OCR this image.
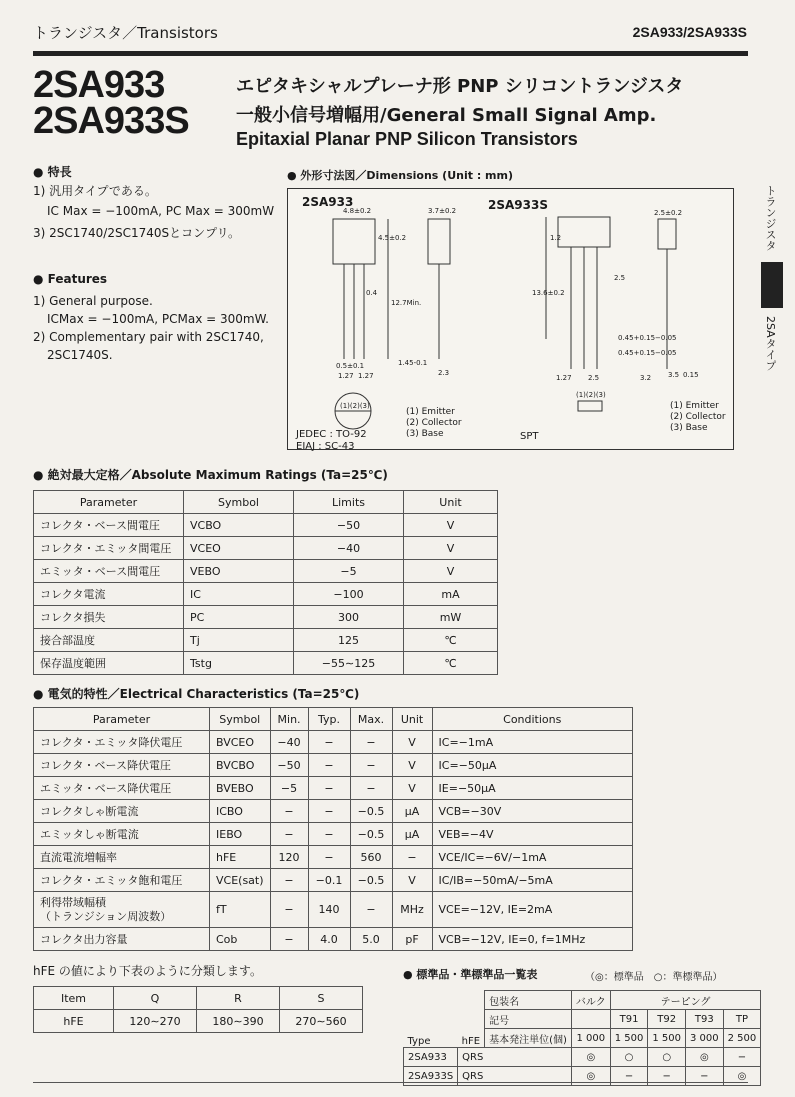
トランジスタ／Transistors	2SA933/2SA933S
2SA933
2SA933S
エピタキシャルプレーナ形 PNP シリコントランジスタ
一般小信号増幅用/General Small Signal Amp.
Epitaxial Planar PNP Silicon Transistors
● 特長
1) 汎用タイプである。
IC Max = −100mA, PC Max = 300mW
3) 2SC1740/2SC1740Sとコンプリ。
● Features
1) General purpose.
ICMax = −100mA, PCMax = 300mW.
2) Complementary pair with 2SC1740,
2SC1740S.
● 外形寸法図／Dimensions (Unit : mm)
2SA933	2SA933S
4.8±0.2	3.7±0.2
12.7Min.
0.5±0.1
1.27 1.27	2.3
1.45-0.1
0.4
4.5±0.2
(1)(2)(3)
(1)(2)(3)
2.5±0.2
1.2
13.6±0.2
2.5
0.45+0.15−0.05
0.45+0.15−0.05
2.5	3.5 0.15
1.27	3.2
(1) Emitter
(2) Collector
(3) Base
(1) Emitter
(2) Collector
(3) Base
JEDEC : TO-92
EIAJ : SC-43
SPT
● 絶対最大定格／Absolute Maximum Ratings (Ta=25℃)
Parameter	Symbol	Limits	Unit
コレクタ・ベース間電圧	VCBO	−50	V
コレクタ・エミッタ間電圧	VCEO	−40	V
エミッタ・ベース間電圧	VEBO	−5	V
コレクタ電流	IC	−100	mA
コレクタ損失	PC	300	mW
接合部温度	Tj	125	℃
保存温度範囲	Tstg	−55∼125	℃
● 電気的特性／Electrical Characteristics (Ta=25℃)
Parameter	Symbol	Min.	Typ.	Max.	Unit	Conditions
コレクタ・エミッタ降伏電圧	BVCEO	−40	−	−	V	IC=−1mA
コレクタ・ベース降伏電圧	BVCBO	−50	−	−	V	IC=−50μA
エミッタ・ベース降伏電圧	BVEBO	−5	−	−	V	IE=−50μA
コレクタしゃ断電流	ICBO	−	−	−0.5	μA	VCB=−30V
エミッタしゃ断電流	IEBO	−	−	−0.5	μA	VEB=−4V
直流電流増幅率	hFE	120	−	560	−	VCE/IC=−6V/−1mA
コレクタ・エミッタ飽和電圧	VCE(sat)	−	−0.1	−0.5	V	IC/IB=−50mA/−5mA
利得帯域幅積
（トランジション周波数）	fT	−	140	−	MHz	VCE=−12V, IE=2mA
コレクタ出力容量	Cob	−	4.0	5.0	pF	VCB=−12V, IE=0, f=1MHz
hFE の値により下表のように分類します。
Item	Q	R	S
hFE	120∼270	180∼390	270∼560
● 標準品・準標準品一覧表	（◎：標準品　○：準標準品）
Type	hFE	包装名	バルク	テーピング			
		記号		T91	T92	T93	TP
		基本発注単位(個)	1 000	1 500	1 500	3 000	2 500
2SA933	QRS		◎	○	○	◎	−
2SA933S	QRS		◎	−	−	−	◎
トランジスタ
2SAタイプ
